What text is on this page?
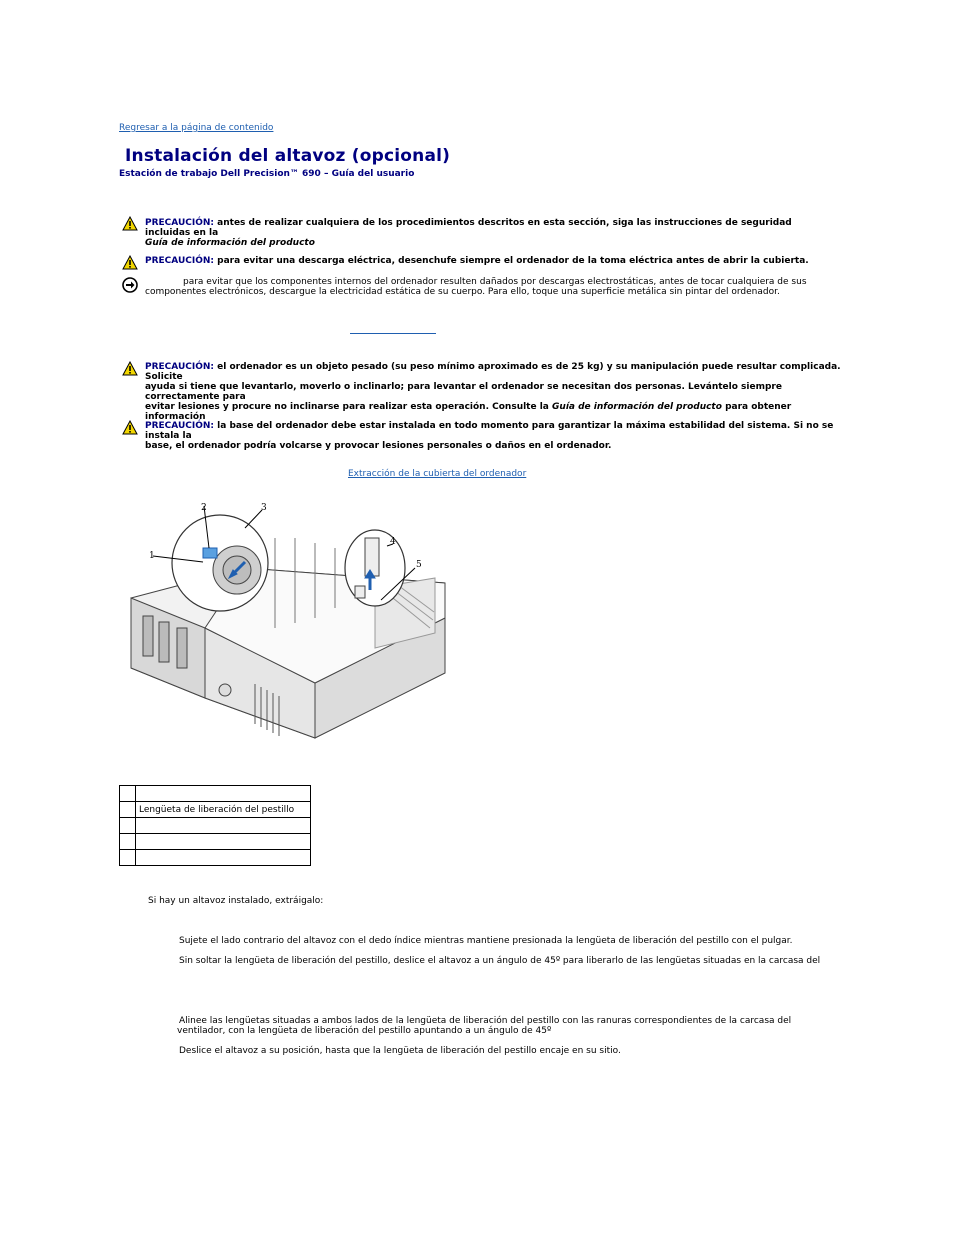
Regresar a la página de contenido
Instalación del altavoz (opcional)
Estación de trabajo Dell Precision™ 690 – Guía del usuario
PRECAUCIÓN: antes de realizar cualquiera de los procedimientos descritos en esta sección, siga las instrucciones de seguridad incluidas en la
Guía de información del producto
PRECAUCIÓN: para evitar una descarga eléctrica, desenchufe siempre el ordenador de la toma eléctrica antes de abrir la cubierta.
para evitar que los componentes internos del ordenador resulten dañados por descargas electrostáticas, antes de tocar cualquiera de sus
componentes electrónicos, descargue la electricidad estática de su cuerpo. Para ello, toque una superficie metálica sin pintar del ordenador.
PRECAUCIÓN: el ordenador es un objeto pesado (su peso mínimo aproximado es de 25 kg) y su manipulación puede resultar complicada. Solicite
ayuda si tiene que levantarlo, moverlo o inclinarlo; para levantar el ordenador se necesitan dos personas. Levántelo siempre correctamente para
evitar lesiones y procure no inclinarse para realizar esta operación. Consulte la Guía de información del producto para obtener información
PRECAUCIÓN: la base del ordenador debe estar instalada en todo momento para garantizar la máxima estabilidad del sistema. Si no se instala la
base, el ordenador podría volcarse y provocar lesiones personales o daños en el ordenador.
Extracción de la cubierta del ordenador
1
2	3
4
5

	Lengüeta de liberación del pestillo

Si hay un altavoz instalado, extráigalo:
Sujete el lado contrario del altavoz con el dedo índice mientras mantiene presionada la lengüeta de liberación del pestillo con el pulgar.
Sin soltar la lengüeta de liberación del pestillo, deslice el altavoz a un ángulo de 45º para liberarlo de las lengüetas situadas en la carcasa del
Alinee las lengüetas situadas a ambos lados de la lengüeta de liberación del pestillo con las ranuras correspondientes de la carcasa del
ventilador, con la lengüeta de liberación del pestillo apuntando a un ángulo de 45º
Deslice el altavoz a su posición, hasta que la lengüeta de liberación del pestillo encaje en su sitio.
